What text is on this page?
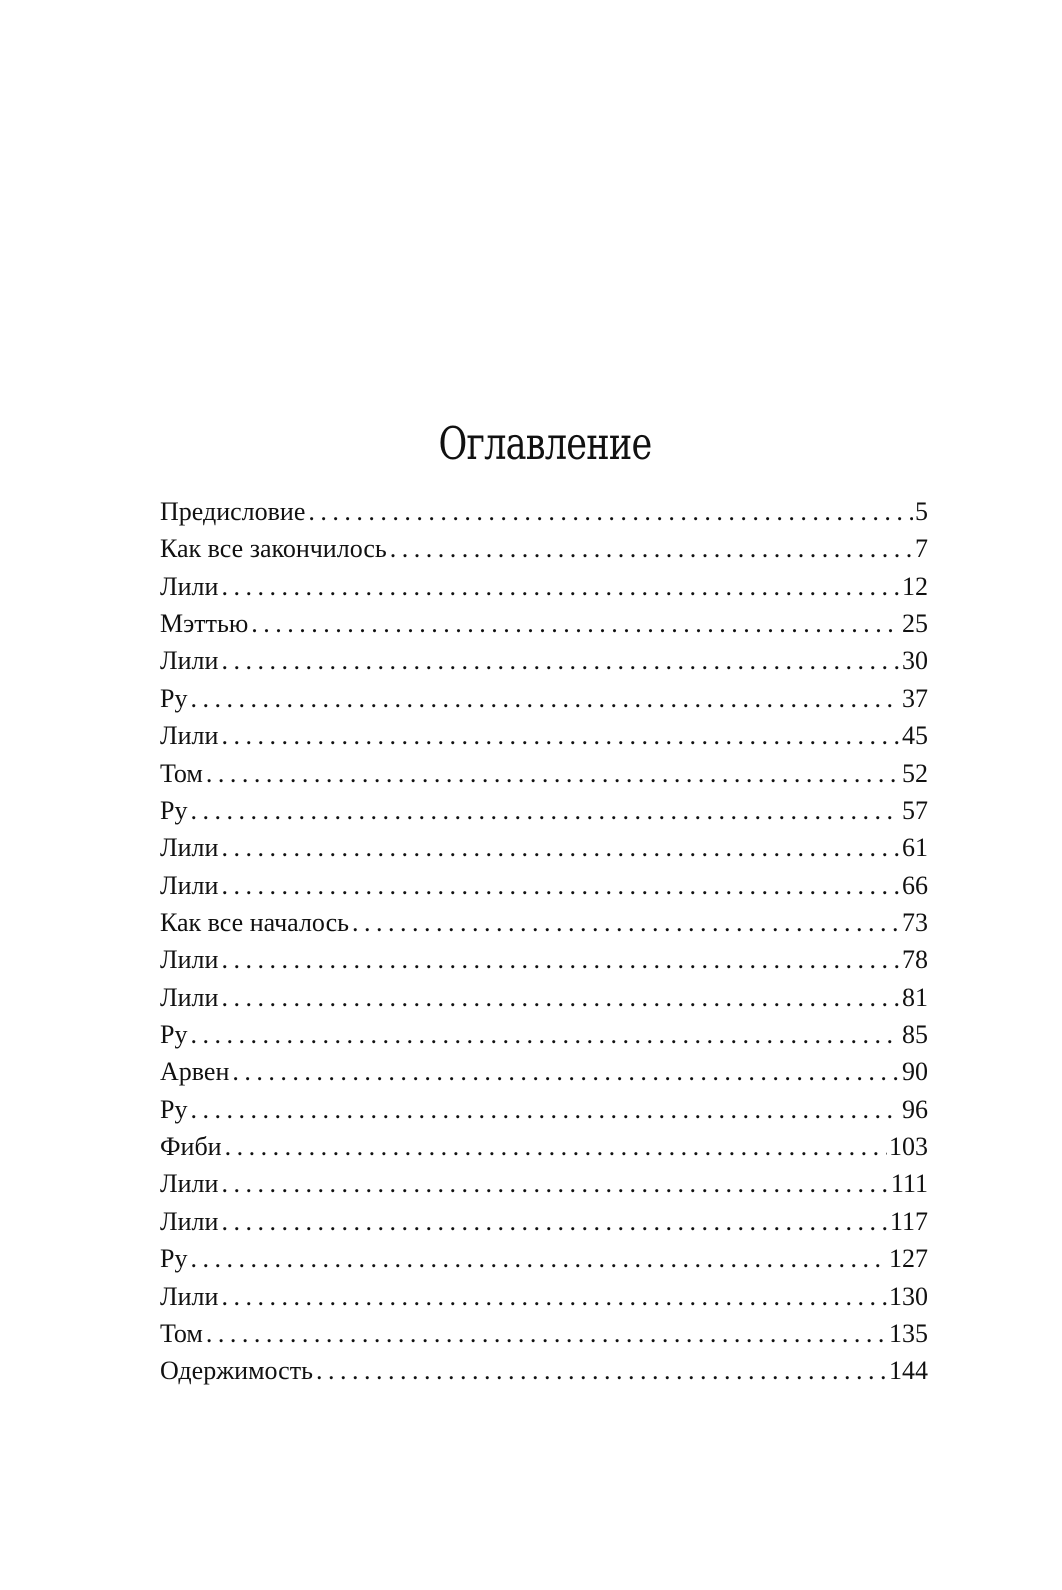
Оглавление
Предисловие . . .	5
Как все закончилось . . .	7
Лили . . .	12
Мэттью . . .	25
Лили . . .	30
Ру . . .	37
Лили . . .	45
Том . . .	52
Ру . . .	57
Лили . . .	61
Лили . . .	66
Как все началось . . .	73
Лили . . .	78
Лили . . .	81
Ру . . .	85
Арвен . . .	90
Ру . . .	96
Фиби . . .	103
Лили . . .	111
Лили . . .	117
Ру . . .	127
Лили . . .	130
Том . . .	135
Одержимость . . .	144
